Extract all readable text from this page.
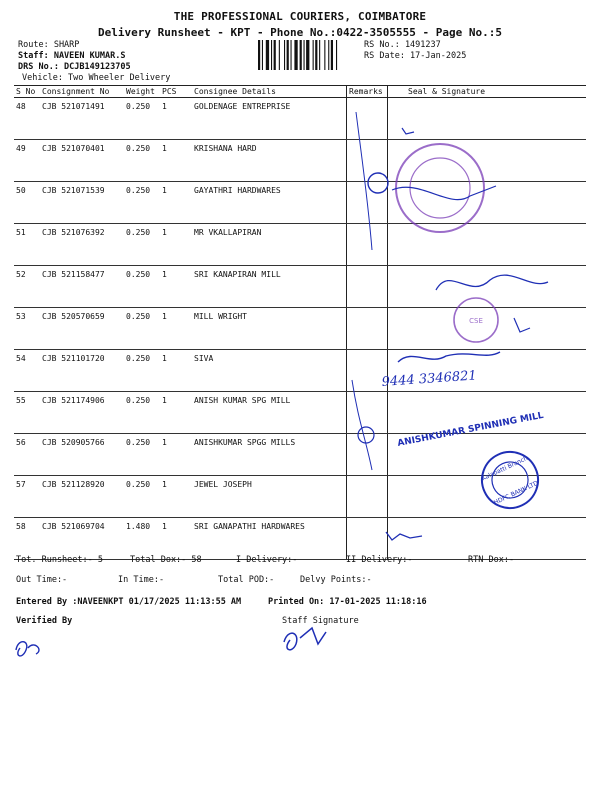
THE PROFESSIONAL COURIERS, COIMBATORE
Delivery Runsheet - KPT - Phone No.:0422-3505555 - Page No.:5
Route: SHARP
Staff: NAVEEN KUMAR.S
DRS No.: DCJB149123705
Vehicle: Two Wheeler Delivery
RS No.: 1491237
RS Date: 17-Jan-2025
S No	Consignment No	Weight	PCS	Consignee Details	Remarks	Seal & Signature
48	CJB 521071491	0.250	1	GOLDENAGE ENTREPRISE		
49	CJB 521070401	0.250	1	KRISHANA HARD		
50	CJB 521071539	0.250	1	GAYATHRI HARDWARES		
51	CJB 521076392	0.250	1	MR VKALLAPIRAN		
52	CJB 521158477	0.250	1	SRI KANAPIRAN MILL		
53	CJB 520570659	0.250	1	MILL WRIGHT		
54	CJB 521101720	0.250	1	SIVA		
55	CJB 521174906	0.250	1	ANISH KUMAR SPG MILL		
56	CJB 520905766	0.250	1	ANISHKUMAR SPGG MILLS		
57	CJB 521128920	0.250	1	JEWEL JOSEPH		
58	CJB 521069704	1.480	1	SRI GANAPATHI HARDWARES		
Tot. Runsheet:- 5	Total Dox:- 58	I Delivery:-	II Delivery:-	RTN Dox:-
Out Time:-	In Time:-	Total POD:-	Delvy Points:-
Entered By :NAVEENKPT 01/17/2025 11:13:55 AM	Printed On: 17-01-2025 11:18:16
Verified By	Staff Signature
CSE
9444 3346821
ANISHKUMAR SPINNING MILL
Kalapatti Branch
HDFC BANK LTD
